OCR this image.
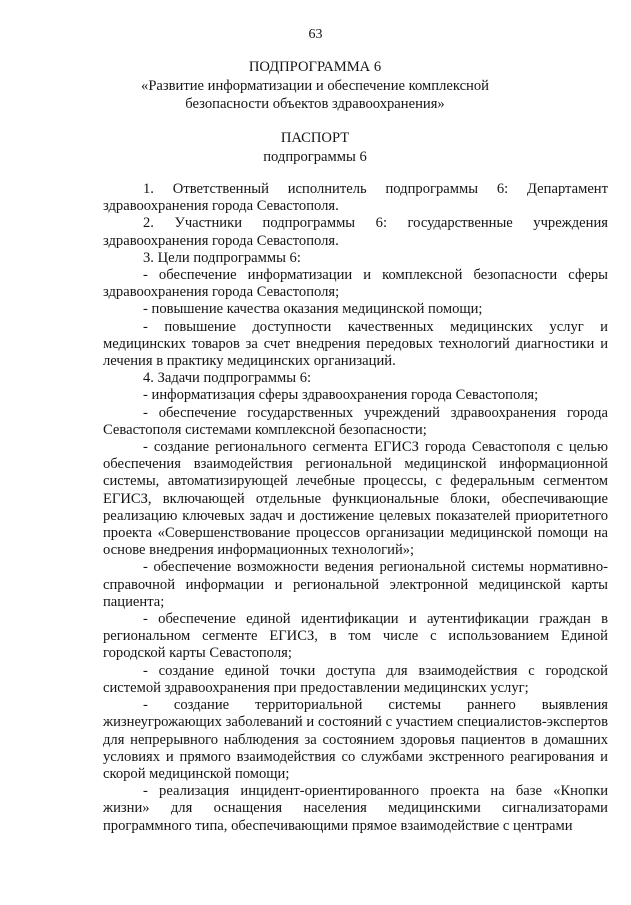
63
ПОДПРОГРАММА 6
«Развитие информатизации и обеспечение комплексной
безопасности объектов здравоохранения»
ПАСПОРТ
подпрограммы 6

1. Ответственный исполнитель подпрограммы 6: Департамент здравоохранения города Севастополя.

2. Участники подпрограммы 6: государственные учреждения здравоохранения города Севастополя.

3. Цели подпрограммы 6:

- обеспечение информатизации и комплексной безопасности сферы здравоохранения города Севастополя;

- повышение качества оказания медицинской помощи;

- повышение доступности качественных медицинских услуг и медицинских товаров за счет внедрения передовых технологий диагностики и лечения в практику медицинских организаций.

4. Задачи подпрограммы 6:

- информатизация сферы здравоохранения города Севастополя;

- обеспечение государственных учреждений здравоохранения города Севастополя системами комплексной безопасности;

- создание регионального сегмента ЕГИСЗ города Севастополя с целью обеспечения взаимодействия региональной медицинской информационной системы, автоматизирующей лечебные процессы, с федеральным сегментом ЕГИСЗ, включающей отдельные функциональные блоки, обеспечивающие реализацию ключевых задач и достижение целевых показателей приоритетного проекта «Совершенствование процессов организации медицинской помощи на основе внедрения информационных технологий»;

- обеспечение возможности ведения региональной системы нормативно-справочной информации и региональной электронной медицинской карты пациента;

- обеспечение единой идентификации и аутентификации граждан в региональном сегменте ЕГИСЗ, в том числе с использованием Единой городской карты Севастополя;

- создание единой точки доступа для взаимодействия с городской системой здравоохранения при предоставлении медицинских услуг;

- создание территориальной системы раннего выявления жизнеугрожающих заболеваний и состояний с участием специалистов-экспертов для непрерывного наблюдения за состоянием здоровья пациентов в домашних условиях и прямого взаимодействия со службами экстренного реагирования и скорой медицинской помощи;

- реализация инцидент-ориентированного проекта на базе «Кнопки жизни» для оснащения населения медицинскими сигнализаторами программного типа, обеспечивающими прямое взаимодействие с центрами
